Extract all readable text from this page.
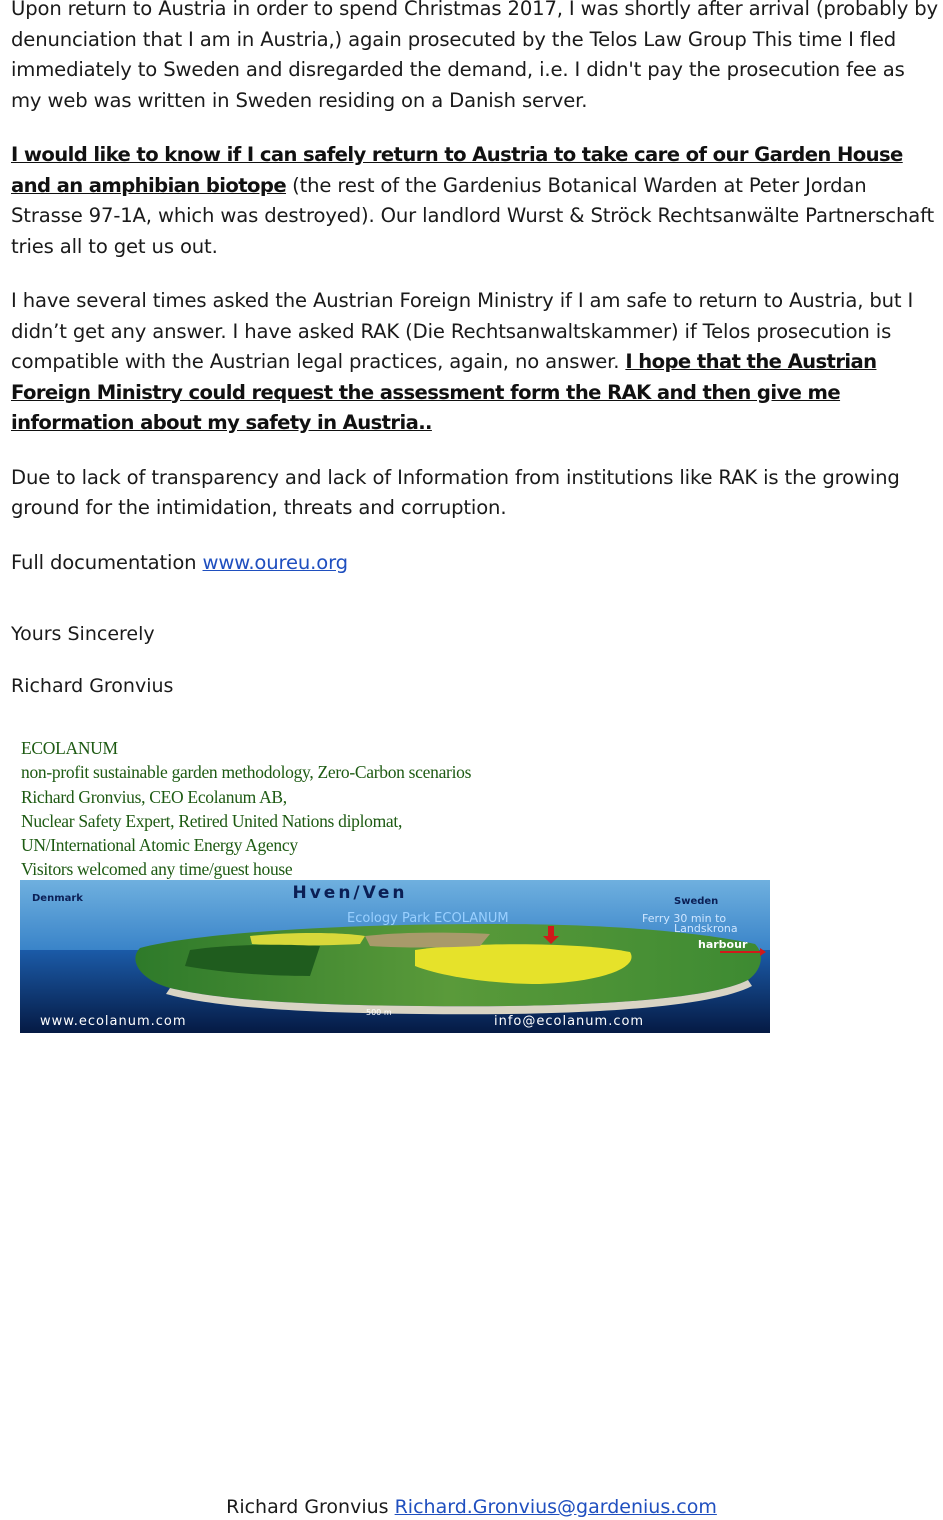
Upon return to Austria in order to spend Christmas 2017, I was shortly after arrival (probably by denunciation that I am in Austria,) again prosecuted by the Telos Law Group This time I fled immediately to Sweden and disregarded the demand, i.e. I didn't pay the prosecution fee as my web was written in Sweden residing on a Danish server.

I would like to know if I can safely return to Austria to take care of our Garden House and an amphibian biotope (the rest of the Gardenius Botanical Warden at Peter Jordan Strasse 97-1A, which was destroyed). Our landlord Wurst & Ströck Rechtsanwälte Partnerschaft tries all to get us out.

I have several times asked the Austrian Foreign Ministry if I am safe to return to Austria, but I didn’t get any answer. I have asked RAK (Die Rechtsanwaltskammer) if Telos prosecution is compatible with the Austrian legal practices, again, no answer. I hope that the Austrian Foreign Ministry could request the assessment form the RAK and then give me information about my safety in Austria..

Due to lack of transparency and lack of Information from institutions like RAK is the growing ground for the intimidation, threats and corruption.

Full documentation www.oureu.org

Yours Sincerely

Richard Gronvius

ECOLANUM
non-profit sustainable garden methodology, Zero-Carbon scenarios
Richard Gronvius, CEO Ecolanum AB,
Nuclear Safety Expert, Retired United Nations diplomat,
UN/International Atomic Energy Agency
Visitors welcomed any time/guest house
Hven/Ven
Denmark	Sweden
Ecology Park ECOLANUM	Ferry 30 min to
Landskrona
harbour
500 m
www.ecolanum.com	info@ecolanum.com
Richard Gronvius Richard.Gronvius@gardenius.com
